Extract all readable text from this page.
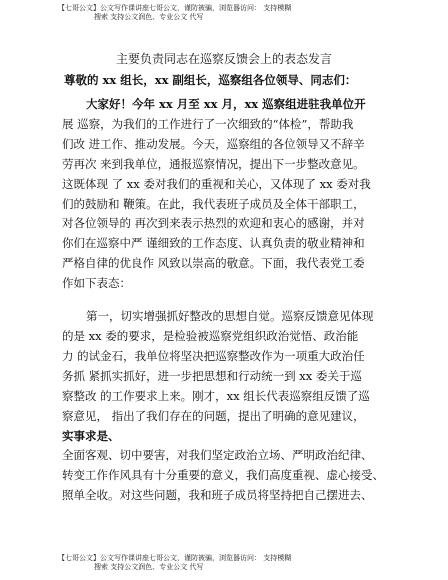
【七哥公文】公文写作课讲座七哥公文，谨防被骗，浏览器访问： 支持模糊
搜索 支持公文润色、专业公文 代写
主要负责同志在巡察反馈会上的表态发言
尊敬的 xx 组长，xx 副组长，巡察组各位领导、同志们：

大家好！今年 xx 月至 xx 月，xx 巡察组进驻我单位开
展 巡察，为我们的工作进行了一次细致的“体检”，帮助我
们改 进工作、推动发展。今天，巡察组的各位领导又不辞辛
劳再次 来到我单位，通报巡察情况，提出下一步整改意见。
这既体现 了 xx 委对我们的重视和关心，又体现了 xx 委对我
们的鼓励和 鞭策。在此，我代表班子成员及全体干部职工，
对各位领导的 再次到来表示热烈的欢迎和衷心的感谢，并对
你们在巡察中严 谨细致的工作态度、认真负责的敬业精神和
严格自律的优良作 风致以崇高的敬意。下面，我代表党工委
作如下表态：

第一，切实增强抓好整改的思想自觉。巡察反馈意见体现
的是 xx 委的要求，是检验被巡察党组织政治觉悟、政治能
力 的试金石，我单位将坚决把巡察整改作为一项重大政治任
务抓 紧抓实抓好，进一步把思想和行动统一到 xx 委关于巡
察整改 的工作要求上来。刚才，xx 组长代表巡察组反馈了巡
察意见， 指出了我们存在的问题，提出了明确的意见建议，
实事求是、
全面客观、切中要害，对我们坚定政治立场、严明政治纪律、
转变工作作风具有十分重要的意义，我们高度重视、虚心接受、
照单全收。对这些问题，我和班子成员将坚持把自己摆进去、

【七哥公文】公文写作课讲座七哥公文，谨防被骗，浏览器访问： 支持模糊
搜索 支持公文润色、专业公文 代写
